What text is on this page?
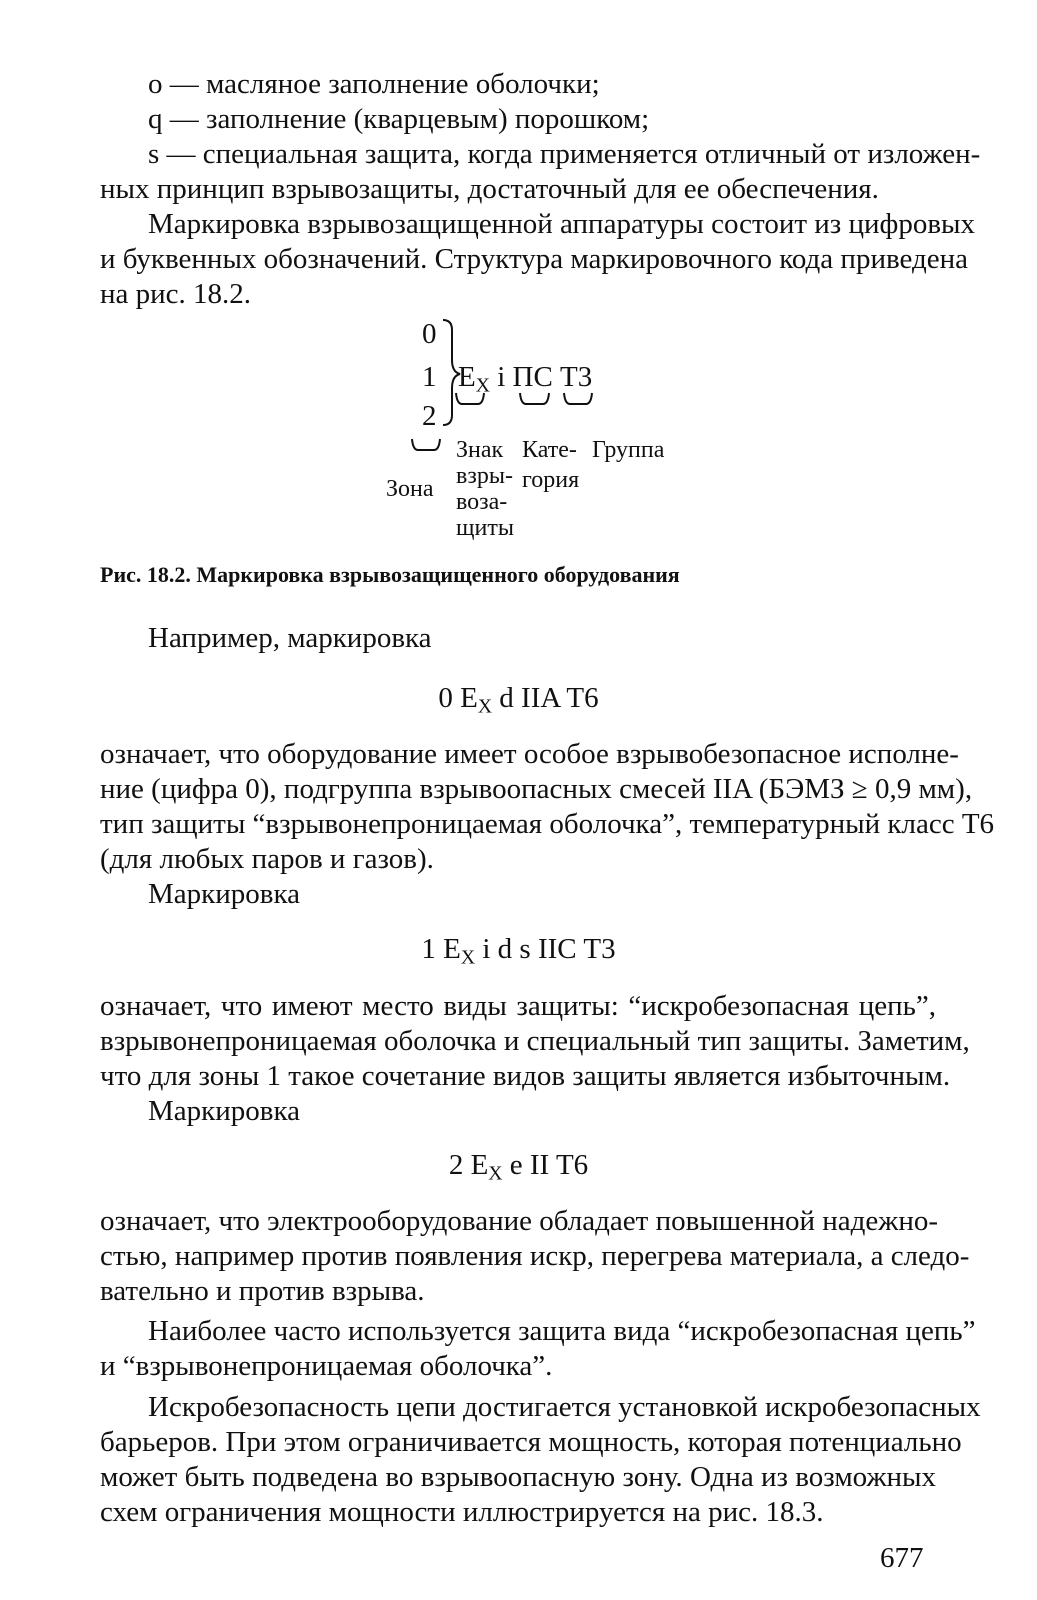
о — масляное заполнение оболочки;
q — заполнение (кварцевым) порошком;
s — специальная защита, когда применяется отличный от изложен-
ных принцип взрывозащиты, достаточный для ее обеспечения.
Маркировка взрывозащищенной аппаратуры состоит из цифровых
и буквенных обозначений. Структура маркировочного кода приведена
на рис. 18.2.
0
1
2
$E_X$ i ПС Т3
Зона
Знак
взры-
воза-
щиты
Кате-
гория
Группа
Рис. 18.2. Маркировка взрывозащищенного оборудования
Например, маркировка
0 $E_X$ d IIA T6
означает, что оборудование имеет особое взрывобезопасное исполне-
ние (цифра 0), подгруппа взрывоопасных смесей IIA (БЭМЗ ≥ 0,9 мм),
тип защиты “взрывонепроницаемая оболочка”, температурный класс Т6
(для любых паров и газов).
Маркировка
1 $E_X$ i d s IIC T3
означает, что имеют место виды защиты: “искробезопасная цепь”,
взрывонепроницаемая оболочка и специальный тип защиты. Заметим,
что для зоны 1 такое сочетание видов защиты является избыточным.
Маркировка
2 $E_X$ e II T6
означает, что электрооборудование обладает повышенной надежно-
стью, например против появления искр, перегрева материала, а следо-
вательно и против взрыва.
Наиболее часто используется защита вида “искробезопасная цепь”
и “взрывонепроницаемая оболочка”.
Искробезопасность цепи достигается установкой искробезопасных
барьеров. При этом ограничивается мощность, которая потенциально
может быть подведена во взрывоопасную зону. Одна из возможных
схем ограничения мощности иллюстрируется на рис. 18.3.
677
